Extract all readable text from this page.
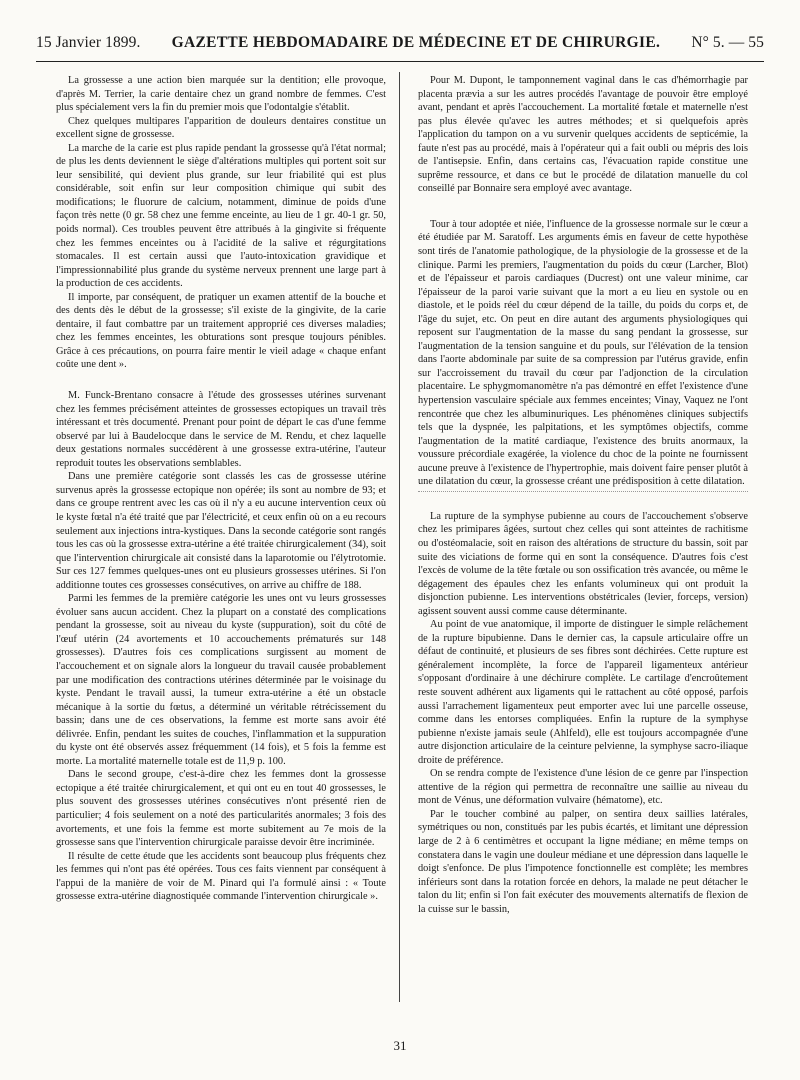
15 Janvier 1899. GAZETTE HEBDOMADAIRE DE MÉDECINE ET DE CHIRURGIE. N° 5. — 55

La grossesse a une action bien marquée sur la dentition; elle provoque, d'après M. Terrier, la carie dentaire chez un grand nombre de femmes. C'est plus spécialement vers la fin du premier mois que l'odontalgie s'établit.

Chez quelques multipares l'apparition de douleurs dentaires constitue un excellent signe de grossesse.

La marche de la carie est plus rapide pendant la grossesse qu'à l'état normal; de plus les dents deviennent le siège d'altérations multiples qui portent soit sur leur sensibilité, qui devient plus grande, sur leur friabilité qui est plus considérable, soit enfin sur leur composition chimique qui subit des modifications; le fluorure de calcium, notamment, diminue de poids d'une façon très nette (0 gr. 58 chez une femme enceinte, au lieu de 1 gr. 40-1 gr. 50, poids normal). Ces troubles peuvent être attribués à la gingivite si fréquente chez les femmes enceintes ou à l'acidité de la salive et régurgitations stomacales. Il est certain aussi que l'auto-intoxication gravidique et l'impressionnabilité plus grande du système nerveux prennent une large part à la production de ces accidents.

Il importe, par conséquent, de pratiquer un examen attentif de la bouche et des dents dès le début de la grossesse; s'il existe de la gingivite, de la carie dentaire, il faut combattre par un traitement approprié ces diverses maladies; chez les femmes enceintes, les obturations sont presque toujours pénibles. Grâce à ces précautions, on pourra faire mentir le vieil adage « chaque enfant coûte une dent ».

M. Funck-Brentano consacre à l'étude des grossesses utérines survenant chez les femmes précisément atteintes de grossesses ectopiques un travail très intéressant et très documenté. Prenant pour point de départ le cas d'une femme observé par lui à Baudelocque dans le service de M. Rendu, et chez laquelle deux gestations normales succédèrent à une grossesse extra-utérine, l'auteur reproduit toutes les observations semblables.

Dans une première catégorie sont classés les cas de grossesse utérine survenus après la grossesse ectopique non opérée; ils sont au nombre de 93; et dans ce groupe rentrent avec les cas où il n'y a eu aucune intervention ceux où le kyste fœtal n'a été traité que par l'électricité, et ceux enfin où on a eu recours seulement aux injections intra-kystiques. Dans la seconde catégorie sont rangés tous les cas où la grossesse extra-utérine a été traitée chirurgicalement (34), soit que l'intervention chirurgicale ait consisté dans la laparotomie ou l'élytrotomie. Sur ces 127 femmes quelques-unes ont eu plusieurs grossesses utérines. Si l'on additionne toutes ces grossesses consécutives, on arrive au chiffre de 188.

Parmi les femmes de la première catégorie les unes ont vu leurs grossesses évoluer sans aucun accident. Chez la plupart on a constaté des complications pendant la grossesse, soit au niveau du kyste (suppuration), soit du côté de l'œuf utérin (24 avortements et 10 accouchements prématurés sur 148 grossesses). D'autres fois ces complications surgissent au moment de l'accouchement et on signale alors la longueur du travail causée probablement par une modification des contractions utérines déterminée par le voisinage du kyste. Pendant le travail aussi, la tumeur extra-utérine a été un obstacle mécanique à la sortie du fœtus, a déterminé un véritable rétrécissement du bassin; dans une de ces observations, la femme est morte sans avoir été délivrée. Enfin, pendant les suites de couches, l'inflammation et la suppuration du kyste ont été observés assez fréquemment (14 fois), et 5 fois la femme est morte. La mortalité maternelle totale est de 11,9 p. 100.

Dans le second groupe, c'est-à-dire chez les femmes dont la grossesse ectopique a été traitée chirurgicalement, et qui ont eu en tout 40 grossesses, le plus souvent des grossesses utérines consécutives n'ont présenté rien de particulier; 4 fois seulement on a noté des particularités anormales; 3 fois des avortements, et une fois la femme est morte subitement au 7e mois de la grossesse sans que l'intervention chirurgicale paraisse devoir être incriminée.

Il résulte de cette étude que les accidents sont beaucoup plus fréquents chez les femmes qui n'ont pas été opérées. Tous ces faits viennent par conséquent à l'appui de la manière de voir de M. Pinard qui l'a formulé ainsi : « Toute grossesse extra-utérine diagnostiquée commande l'intervention chirurgicale ».

Pour M. Dupont, le tamponnement vaginal dans le cas d'hémorrhagie par placenta prævia a sur les autres procédés l'avantage de pouvoir être employé avant, pendant et après l'accouchement. La mortalité fœtale et maternelle n'est pas plus élevée qu'avec les autres méthodes; et si quelquefois après l'application du tampon on a vu survenir quelques accidents de septicémie, la faute n'est pas au procédé, mais à l'opérateur qui a fait oubli ou mépris des lois de l'antisepsie. Enfin, dans certains cas, l'évacuation rapide constitue une suprême ressource, et dans ce but le procédé de dilatation manuelle du col conseillé par Bonnaire sera employé avec avantage.

Tour à tour adoptée et niée, l'influence de la grossesse normale sur le cœur a été étudiée par M. Saratoff. Les arguments émis en faveur de cette hypothèse sont tirés de l'anatomie pathologique, de la physiologie de la grossesse et de la clinique. Parmi les premiers, l'augmentation du poids du cœur (Larcher, Blot) et de l'épaisseur et parois cardiaques (Ducrest) ont une valeur minime, car l'épaisseur de la paroi varie suivant que la mort a eu lieu en systole ou en diastole, et le poids réel du cœur dépend de la taille, du poids du corps et, de l'âge du sujet, etc. On peut en dire autant des arguments physiologiques qui reposent sur l'augmentation de la masse du sang pendant la grossesse, sur l'augmentation de la tension sanguine et du pouls, sur l'élévation de la tension dans l'aorte abdominale par suite de sa compression par l'utérus gravide, enfin sur l'accroissement du travail du cœur par l'adjonction de la circulation placentaire. Le sphygmomanomètre n'a pas démontré en effet l'existence d'une hypertension vasculaire spéciale aux femmes enceintes; Vinay, Vaquez ne l'ont rencontrée que chez les albuminuriques. Les phénomènes cliniques subjectifs tels que la dyspnée, les palpitations, et les symptômes objectifs, comme l'augmentation de la matité cardiaque, l'existence des bruits anormaux, la voussure précordiale exagérée, la violence du choc de la pointe ne fournissent aucune preuve à l'existence de l'hypertrophie, mais doivent faire penser plutôt à une dilatation du cœur, la grossesse créant une prédisposition à cette dilatation.

La rupture de la symphyse pubienne au cours de l'accouchement s'observe chez les primipares âgées, surtout chez celles qui sont atteintes de rachitisme ou d'ostéomalacie, soit en raison des altérations de structure du bassin, soit par suite des viciations de forme qui en sont la conséquence. D'autres fois c'est l'excès de volume de la tête fœtale ou son ossification très avancée, ou même le dégagement des épaules chez les enfants volumineux qui ont produit la disjonction pubienne. Les interventions obstétricales (levier, forceps, version) agissent souvent aussi comme cause déterminante.

Au point de vue anatomique, il importe de distinguer le simple relâchement de la rupture bipubienne. Dans le dernier cas, la capsule articulaire offre un défaut de continuité, et plusieurs de ses fibres sont déchirées. Cette rupture est généralement incomplète, la force de l'appareil ligamenteux antérieur s'opposant d'ordinaire à une déchirure complète. Le cartilage d'encroûtement reste souvent adhérent aux ligaments qui le rattachent au côté opposé, parfois aussi l'arrachement ligamenteux peut emporter avec lui une parcelle osseuse, comme dans les entorses compliquées. Enfin la rupture de la symphyse pubienne n'existe jamais seule (Ahlfeld), elle est toujours accompagnée d'une autre disjonction articulaire de la ceinture pelvienne, la symphyse sacro-iliaque droite de préférence.

On se rendra compte de l'existence d'une lésion de ce genre par l'inspection attentive de la région qui permettra de reconnaître une saillie au niveau du mont de Vénus, une déformation vulvaire (hématome), etc.

Par le toucher combiné au palper, on sentira deux saillies latérales, symétriques ou non, constitués par les pubis écartés, et limitant une dépression large de 2 à 6 centimètres et occupant la ligne médiane; en même temps on constatera dans le vagin une douleur médiane et une dépression dans laquelle le doigt s'enfonce. De plus l'impotence fonctionnelle est complète; les membres inférieurs sont dans la rotation forcée en dehors, la malade ne peut détacher le talon du lit; enfin si l'on fait exécuter des mouvements alternatifs de flexion de la cuisse sur le bassin,

31
